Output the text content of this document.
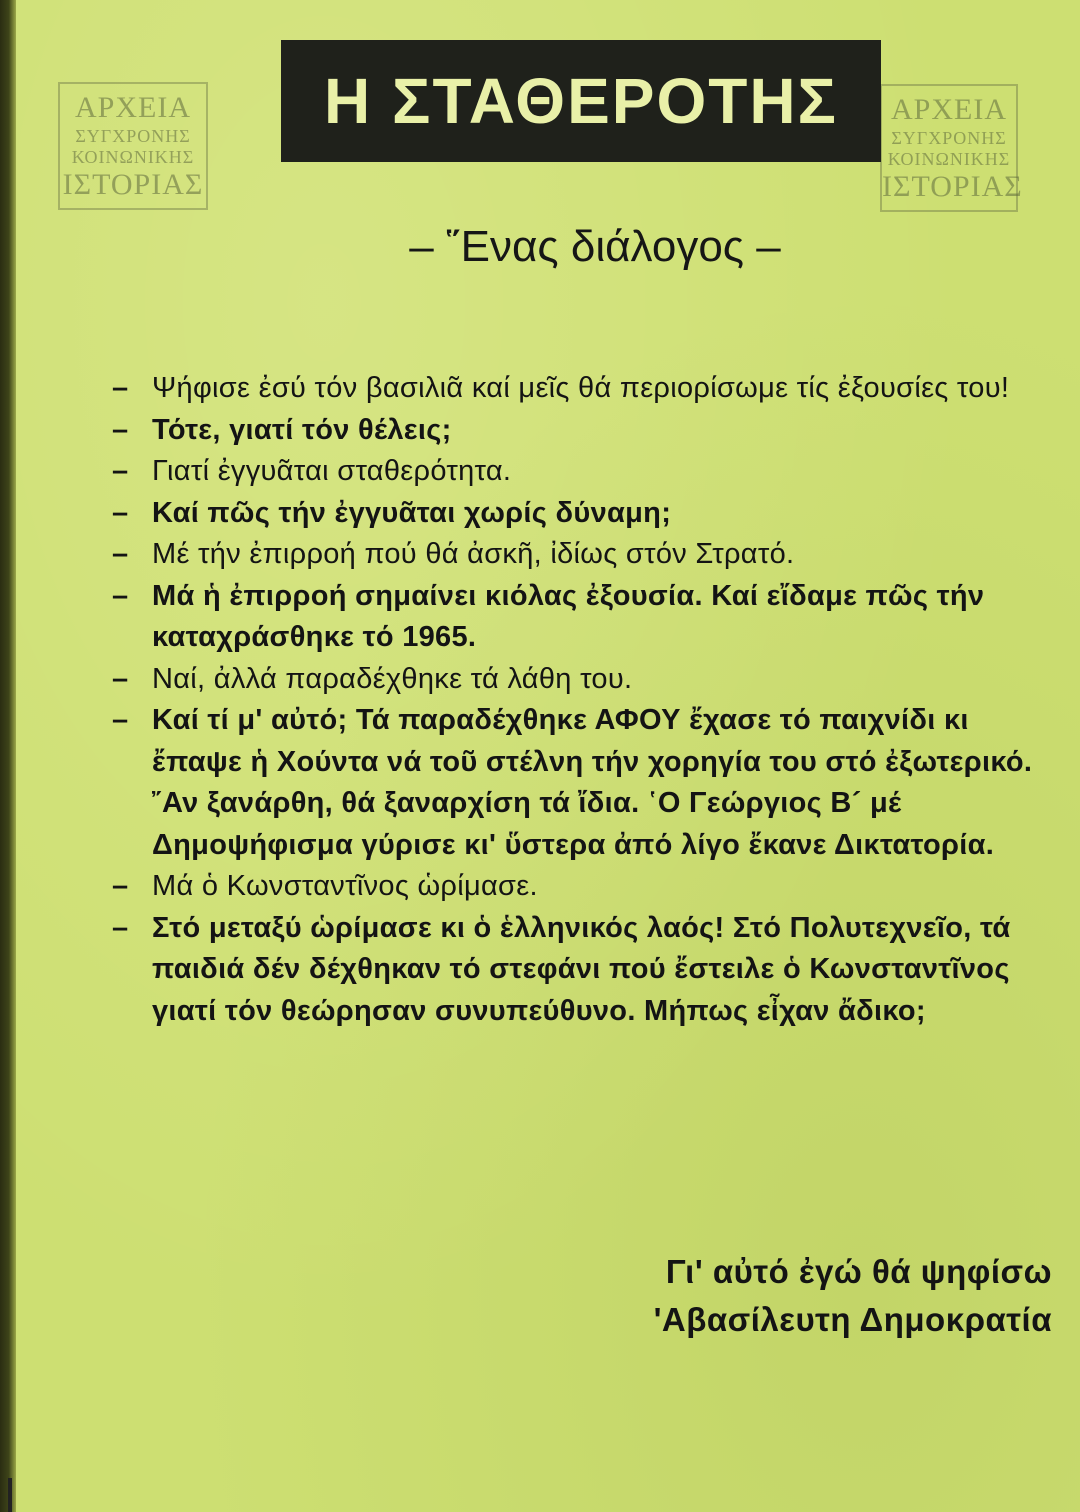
ΑΡΧΕΙΑ
ΣΥΓΧΡΟΝΗΣ
ΚΟΙΝΩΝΙΚΗΣ
ΙΣΤΟΡΙΑΣ
ΑΡΧΕΙΑ
ΣΥΓΧΡΟΝΗΣ
ΚΟΙΝΩΝΙΚΗΣ
ΙΣΤΟΡΙΑΣ
Η ΣΤΑΘΕΡΟΤΗΣ
– ῞Ενας διάλογος –
– Ψήφισε ἐσύ τόν βασιλιᾶ καί μεῖς θά περιορίσωμε τίς ἐξουσίες του!
– Τότε, γιατί τόν θέλεις;
– Γιατί ἐγγυᾶται σταθερότητα.
– Καί πῶς τήν ἐγγυᾶται χωρίς δύναμη;
– Μέ τήν ἐπιρροή πού θά ἀσκῆ, ἰδίως στόν Στρατό.
– Μά ἡ ἐπιρροή σημαίνει κιόλας ἐξουσία. Καί εἴδαμε πῶς τήν καταχράσθηκε τό 1965.
– Ναί, ἀλλά παραδέχθηκε τά λάθη του.
– Καί τί μ' αὐτό; Τά παραδέχθηκε ΑΦΟΥ ἔχασε τό παιχνίδι κι ἔπαψε ἡ Χούντα νά τοῦ στέλνη τήν χορηγία του στό ἐξωτερικό.
῎Αν ξανάρθη, θά ξαναρχίση τά ἴδια. ῾Ο Γεώργιος Β´ μέ Δημοψήφισμα γύρισε κι' ὕστερα ἀπό λίγο ἔκανε Δικτατορία.
– Μά ὁ Κωνσταντῖνος ὡρίμασε.
– Στό μεταξύ ὡρίμασε κι ὁ ἑλληνικός λαός! Στό Πολυτεχνεῖο, τά παιδιά δέν δέχθηκαν τό στεφάνι πού ἔστειλε ὁ Κωνσταντῖνος γιατί τόν θεώρησαν συνυπεύθυνο. Μήπως εἶχαν ἄδικο;
Γι' αὐτό ἐγώ θά ψηφίσω
'Αβασίλευτη Δημοκρατία
